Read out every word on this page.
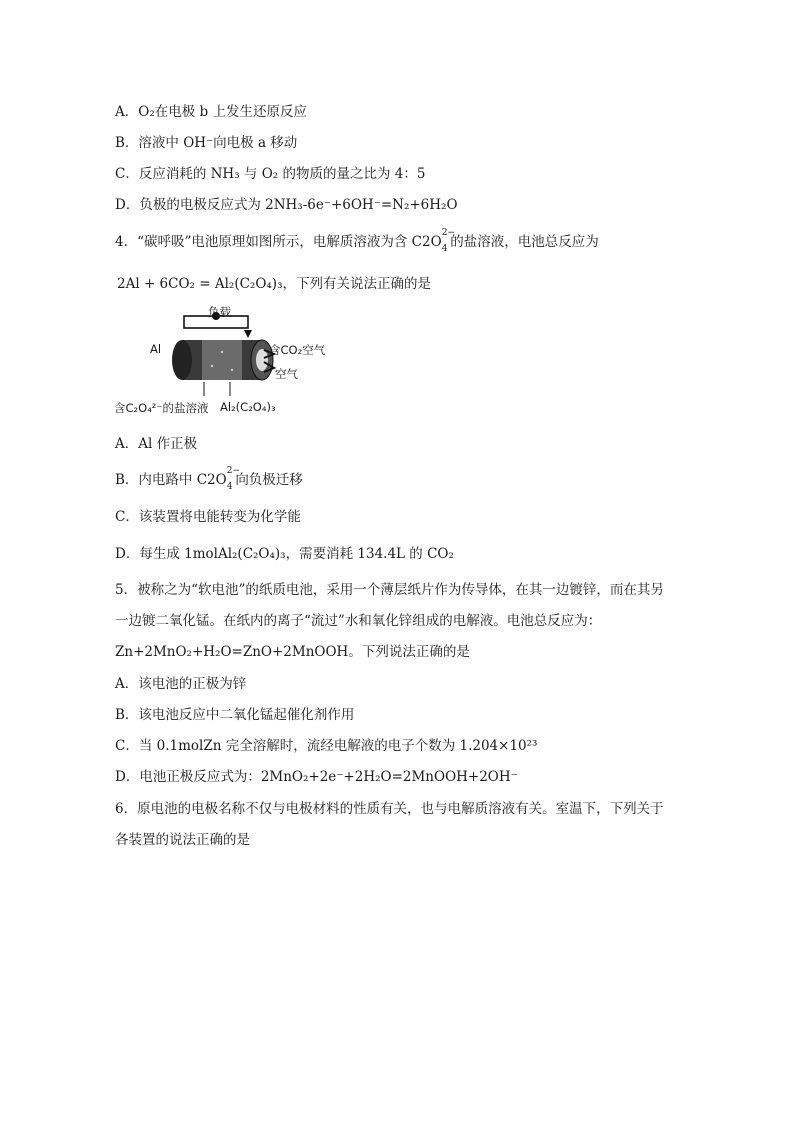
A．O₂在电极 b 上发生还原反应
B．溶液中 OH⁻向电极 a 移动
C．反应消耗的 NH₃ 与 O₂ 的物质的量之比为 4：5
D．负极的电极反应式为 2NH₃-6e⁻+6OH⁻=N₂+6H₂O
4．“碳呼吸”电池原理如图所示，电解质溶液为含 C2O 4
2−
的盐溶液，电池总反应为
2Al + 6CO₂ = Al₂(C₂O₄)₃，下列有关说法正确的是
负载
Al	含CO₂空气
空气
含C₂O₄²⁻的盐溶液 Al₂(C₂O₄)₃
A．Al 作正极
B．内电路中 C2O 4
2−
向负极迁移
C．该装置将电能转变为化学能
D．每生成 1molAl₂(C₂O₄)₃，需要消耗 134.4L 的 CO₂
5．被称之为“软电池”的纸质电池，采用一个薄层纸片作为传导体，在其一边镀锌，而在其另
一边镀二氧化锰。在纸内的离子“流过”水和氧化锌组成的电解液。电池总反应为：
Zn+2MnO₂+H₂O=ZnO+2MnOOH。下列说法正确的是
A．该电池的正极为锌
B．该电池反应中二氧化锰起催化剂作用
C．当 0.1molZn 完全溶解时，流经电解液的电子个数为 1.204×10²³
D．电池正极反应式为：2MnO₂+2e⁻+2H₂O=2MnOOH+2OH⁻
6．原电池的电极名称不仅与电极材料的性质有关，也与电解质溶液有关。室温下，下列关于
各装置的说法正确的是
